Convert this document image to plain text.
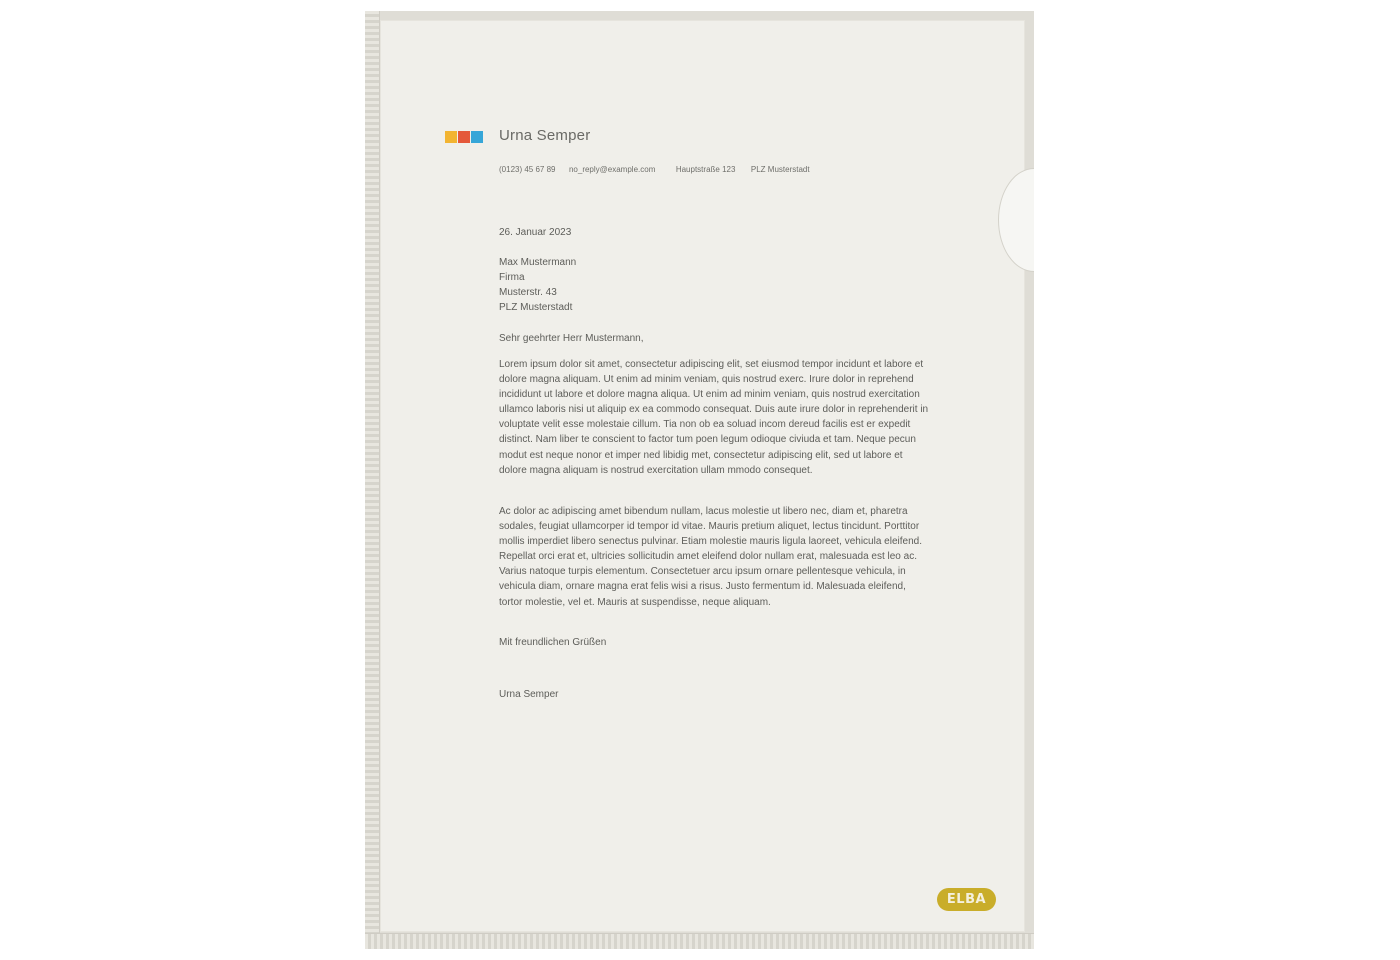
Urna Semper
(0123) 45 67 89 no_reply@example.com	Hauptstraße 123 PLZ Musterstadt
26. Januar 2023
Max Mustermann
Firma
Musterstr. 43
PLZ Musterstadt
Sehr geehrter Herr Mustermann,
Lorem ipsum dolor sit amet, consectetur adipiscing elit, set eiusmod tempor incidunt et labore et dolore magna aliquam. Ut enim ad minim veniam, quis nostrud exerc. Irure dolor in reprehend incididunt ut labore et dolore magna aliqua. Ut enim ad minim veniam, quis nostrud exercitation ullamco laboris nisi ut aliquip ex ea commodo consequat. Duis aute irure dolor in reprehenderit in voluptate velit esse molestaie cillum. Tia non ob ea soluad incom dereud facilis est er expedit distinct. Nam liber te conscient to factor tum poen legum odioque civiuda et tam. Neque pecun modut est neque nonor et imper ned libidig met, consectetur adipiscing elit, sed ut labore et dolore magna aliquam is nostrud exercitation ullam mmodo consequet.
Ac dolor ac adipiscing amet bibendum nullam, lacus molestie ut libero nec, diam et, pharetra sodales, feugiat ullamcorper id tempor id vitae. Mauris pretium aliquet, lectus tincidunt. Porttitor mollis imperdiet libero senectus pulvinar. Etiam molestie mauris ligula laoreet, vehicula eleifend. Repellat orci erat et, ultricies sollicitudin amet eleifend dolor nullam erat, malesuada est leo ac. Varius natoque turpis elementum. Consectetuer arcu ipsum ornare pellentesque vehicula, in vehicula diam, ornare magna erat felis wisi a risus. Justo fermentum id. Malesuada eleifend, tortor molestie, vel et. Mauris at suspendisse, neque aliquam.
Mit freundlichen Grüßen
Urna Semper
ELBA
